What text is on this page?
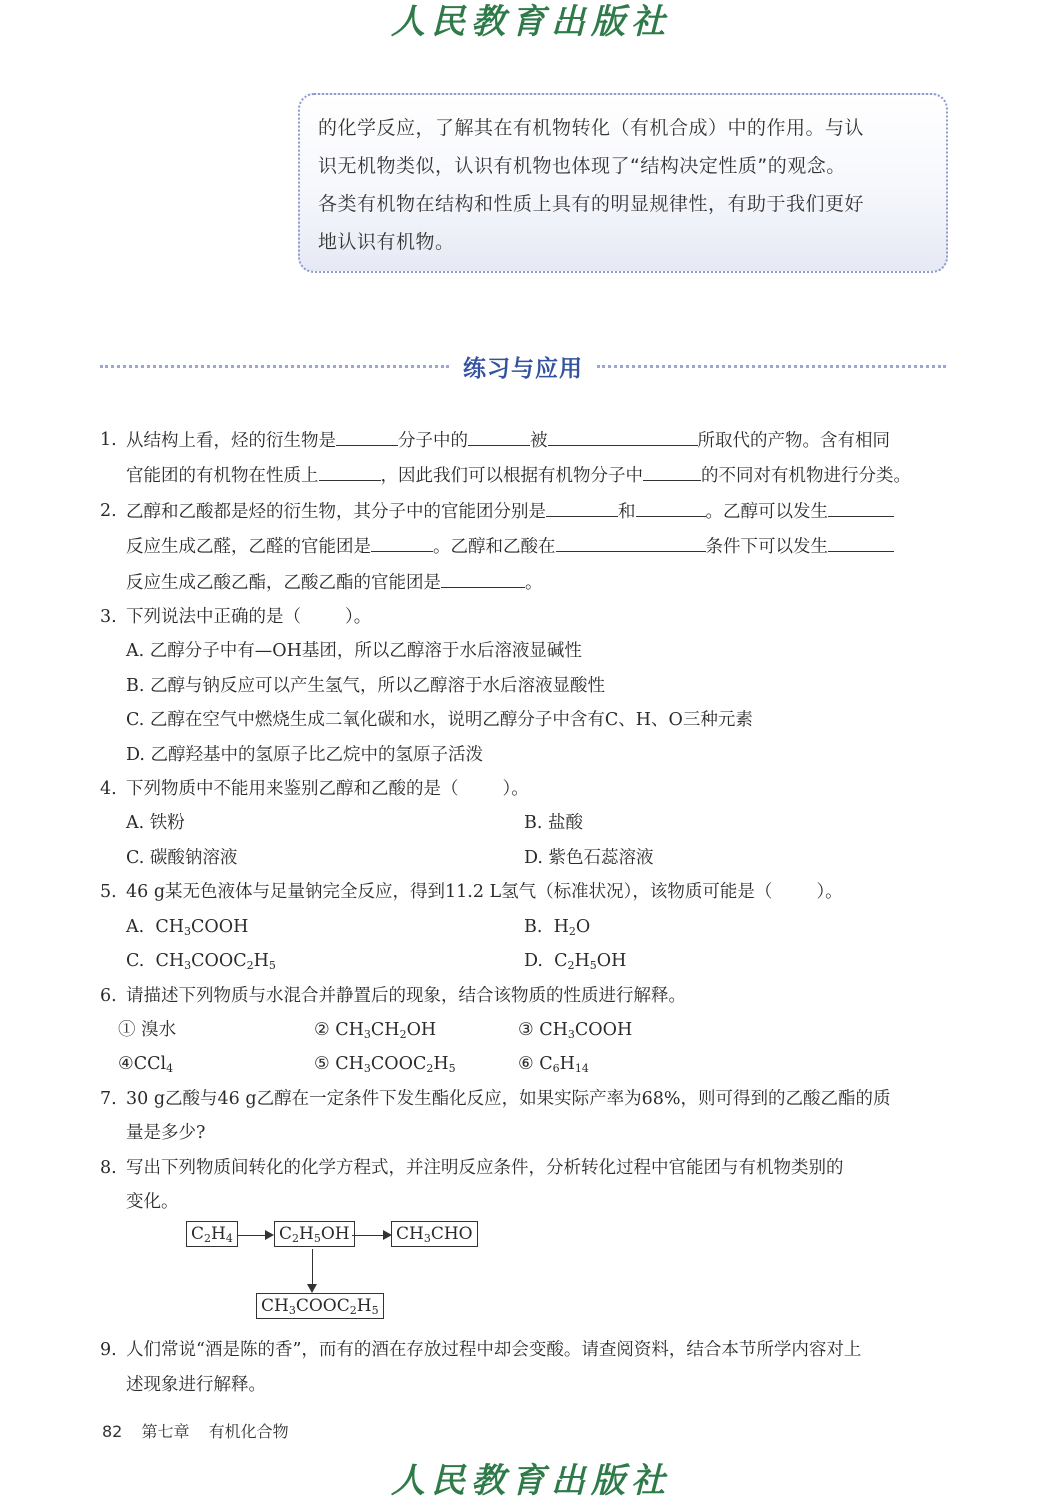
人民教育出版社

的化学反应，了解其在有机物转化（有机合成）中的作用。与认

识无机物类似，认识有机物也体现了“结构决定性质”的观念。

各类有机物在结构和性质上具有的明显规律性，有助于我们更好

地认识有机物。

练习与应用
1. 从结构上看，烃的衍生物是	分子中的	被	所取代的产物。含有相同
官能团的有机物在性质上	，因此我们可以根据有机物分子中	的不同对有机物进行分类。
2. 乙醇和乙酸都是烃的衍生物，其分子中的官能团分别是	和	。乙醇可以发生
反应生成乙醛，乙醛的官能团是	。乙醇和乙酸在	条件下可以发生
反应生成乙酸乙酯，乙酸乙酯的官能团是	。
3. 下列说法中正确的是（	）。
A. 乙醇分子中有—OH基团，所以乙醇溶于水后溶液显碱性
B. 乙醇与钠反应可以产生氢气，所以乙醇溶于水后溶液显酸性
C. 乙醇在空气中燃烧生成二氧化碳和水，说明乙醇分子中含有C、H、O三种元素
D. 乙醇羟基中的氢原子比乙烷中的氢原子活泼
4. 下列物质中不能用来鉴别乙醇和乙酸的是（	）。
A. 铁粉	B. 盐酸
C. 碳酸钠溶液	D. 紫色石蕊溶液
5. 46 g某无色液体与足量钠完全反应，得到11.2 L氢气（标准状况），该物质可能是（	）。
A.  $CH_3COOH$	B.  $H_2O$
C.  $CH_3COOC_2H_5$	D.  $C_2H_5OH$
6. 请描述下列物质与水混合并静置后的现象，结合该物质的性质进行解释。
① 溴水	② $CH_3CH_2OH$	③ $CH_3COOH$
④CCl$_4$	⑤ $CH_3COOC_2H_5$	⑥ $C_6H_{14}$
7. 30 g乙酸与46 g乙醇在一定条件下发生酯化反应，如果实际产率为68%，则可得到的乙酸乙酯的质
量是多少?
8. 写出下列物质间转化的化学方程式，并注明反应条件，分析转化过程中官能团与有机物类别的
变化。
$C_2H_4$	$C_2H_5OH$	$CH_3CHO$
$CH_3COOC_2H_5$
9. 人们常说“酒是陈的香”，而有的酒在存放过程中却会变酸。请查阅资料，结合本节所学内容对上
述现象进行解释。
82 第七章 有机化合物
人民教育出版社
